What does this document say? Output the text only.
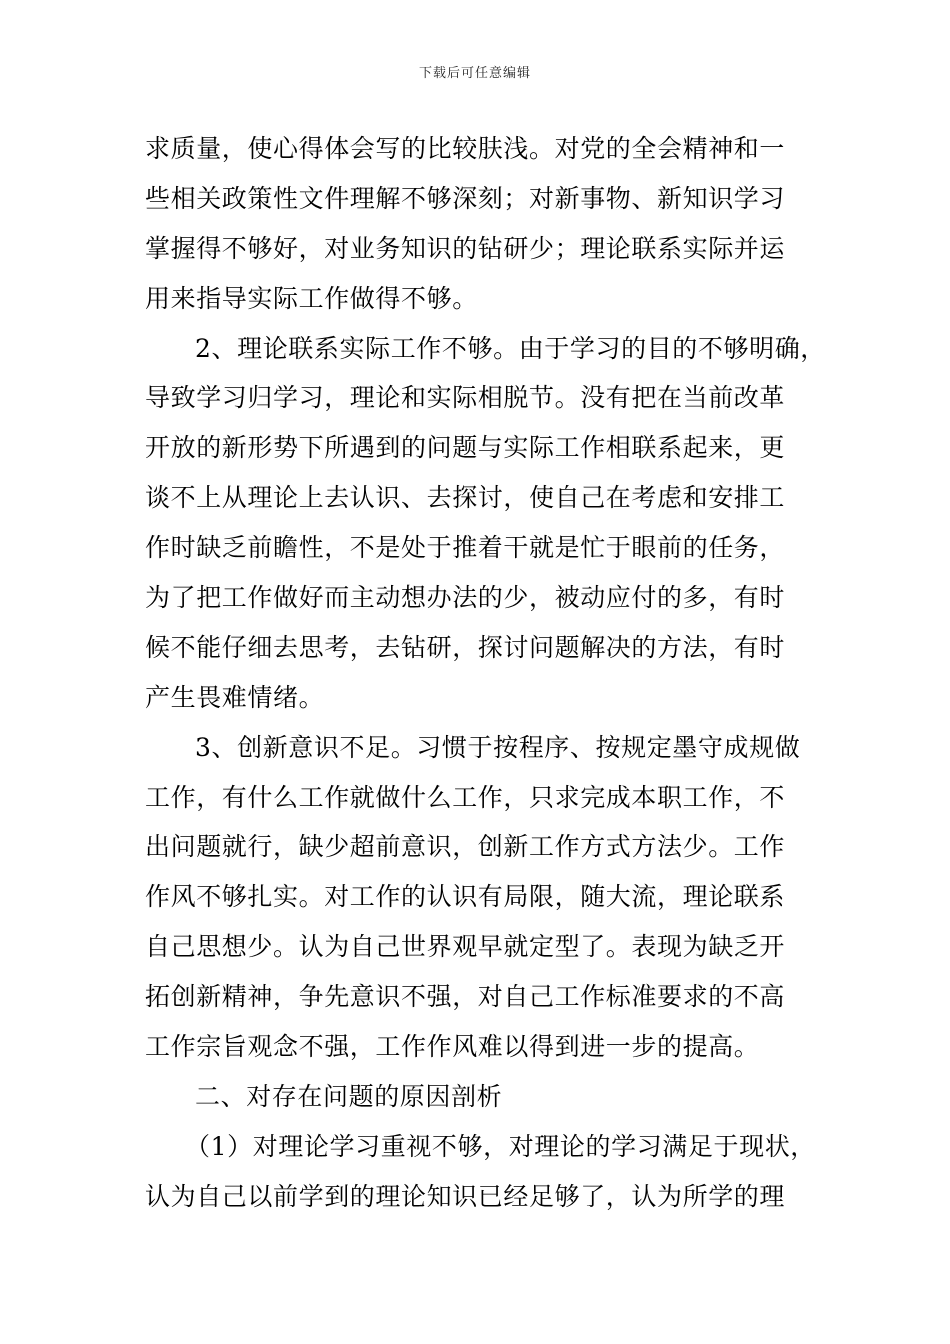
下载后可任意编辑
求质量，使心得体会写的比较肤浅。对党的全会精神和一
些相关政策性文件理解不够深刻；对新事物、新知识学习
掌握得不够好，对业务知识的钻研少；理论联系实际并运
用来指导实际工作做得不够。
2、理论联系实际工作不够。由于学习的目的不够明确，
导致学习归学习，理论和实际相脱节。没有把在当前改革
开放的新形势下所遇到的问题与实际工作相联系起来，更
谈不上从理论上去认识、去探讨，使自己在考虑和安排工
作时缺乏前瞻性，不是处于推着干就是忙于眼前的任务，
为了把工作做好而主动想办法的少，被动应付的多，有时
候不能仔细去思考，去钻研，探讨问题解决的方法，有时
产生畏难情绪。
3、创新意识不足。习惯于按程序、按规定墨守成规做
工作，有什么工作就做什么工作，只求完成本职工作，不
出问题就行，缺少超前意识，创新工作方式方法少。工作
作风不够扎实。对工作的认识有局限，随大流，理论联系
自己思想少。认为自己世界观早就定型了。表现为缺乏开
拓创新精神，争先意识不强，对自己工作标准要求的不高
工作宗旨观念不强，工作作风难以得到进一步的提高。
二、对存在问题的原因剖析
（1）对理论学习重视不够，对理论的学习满足于现状，
认为自己以前学到的理论知识已经足够了，认为所学的理
